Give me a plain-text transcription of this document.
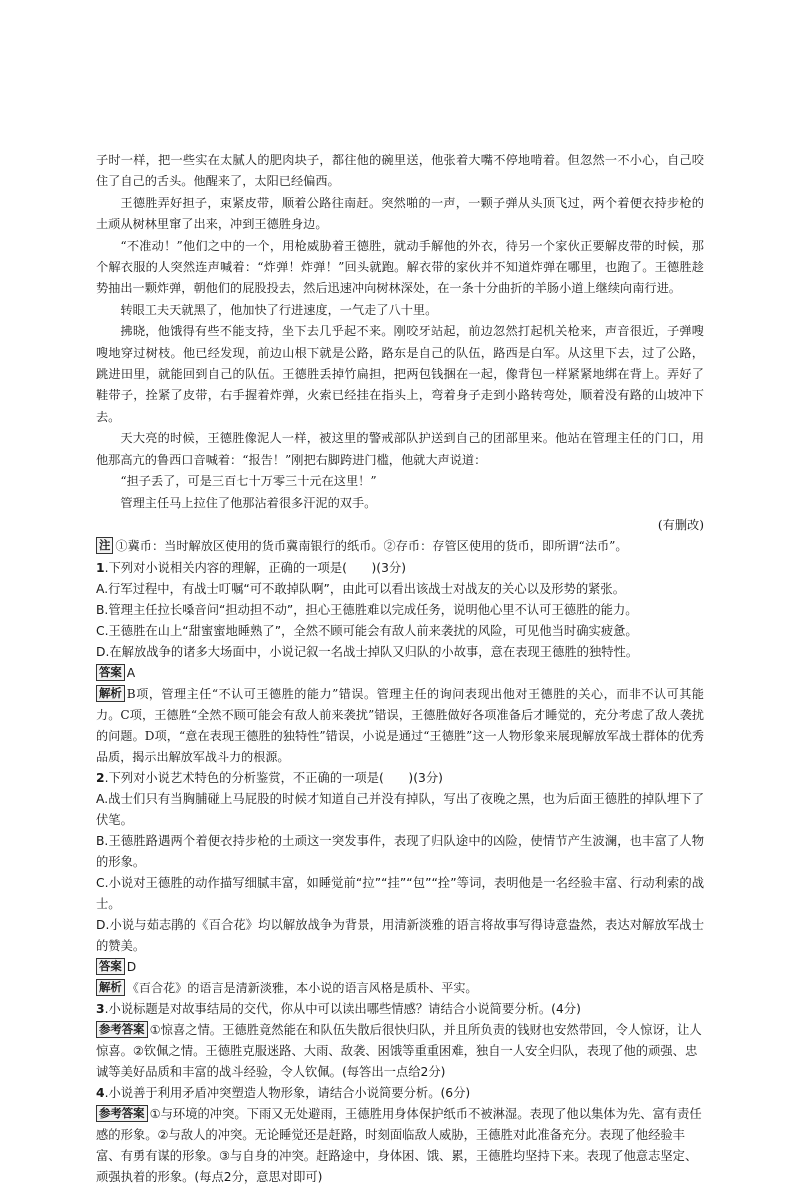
子时一样，把一些实在太腻人的肥肉块子，都往他的碗里送，他张着大嘴不停地啃着。但忽然一不小心，自己咬住了自己的舌头。他醒来了，太阳已经偏西。

王德胜弄好担子，束紧皮带，顺着公路往南赶。突然啪的一声，一颗子弹从头顶飞过，两个着便衣持步枪的土顽从树林里窜了出来，冲到王德胜身边。

“不准动！”他们之中的一个，用枪威胁着王德胜，就动手解他的外衣，待另一个家伙正要解皮带的时候，那个解衣服的人突然连声喊着：“炸弹！炸弹！”回头就跑。解衣带的家伙并不知道炸弹在哪里，也跑了。王德胜趁势抽出一颗炸弹，朝他们的屁股投去，然后迅速冲向树林深处，在一条十分曲折的羊肠小道上继续向南行进。

转眼工夫天就黑了，他加快了行进速度，一气走了八十里。

拂晓，他饿得有些不能支持，坐下去几乎起不来。刚咬牙站起，前边忽然打起机关枪来，声音很近，子弹嗖嗖地穿过树枝。他已经发现，前边山根下就是公路，路东是自己的队伍，路西是白军。从这里下去，过了公路，跳进田里，就能回到自己的队伍。王德胜丢掉竹扁担，把两包钱捆在一起，像背包一样紧紧地绑在背上。弄好了鞋带子，拴紧了皮带，右手握着炸弹，火索已经挂在指头上，弯着身子走到小路转弯处，顺着没有路的山坡冲下去。

天大亮的时候，王德胜像泥人一样，被这里的警戒部队护送到自己的团部里来。他站在管理主任的门口，用他那高亢的鲁西口音喊着：“报告！”刚把右脚跨进门槛，他就大声说道：

“担子丢了，可是三百七十万零三十元在这里！”

管理主任马上拉住了他那沾着很多汗泥的双手。

(有删改)
注 ①冀币：当时解放区使用的货币冀南银行的纸币。②存币：存管区使用的货币，即所谓“法币”。

1.下列对小说相关内容的理解，正确的一项是(　　)(3分)

A.行军过程中，有战士叮嘱“可不敢掉队啊”，由此可以看出该战士对战友的关心以及形势的紧张。

B.管理主任拉长嗓音问“担动担不动”，担心王德胜难以完成任务，说明他心里不认可王德胜的能力。

C.王德胜在山上“甜蜜蜜地睡熟了”，全然不顾可能会有敌人前来袭扰的风险，可见他当时确实疲惫。

D.在解放战争的诸多大场面中，小说记叙一名战士掉队又归队的小故事，意在表现王德胜的独特性。

答案 A

解析 B项，管理主任“不认可王德胜的能力”错误。管理主任的询问表现出他对王德胜的关心，而非不认可其能力。C项，王德胜“全然不顾可能会有敌人前来袭扰”错误，王德胜做好各项准备后才睡觉的，充分考虑了敌人袭扰的问题。D项，“意在表现王德胜的独特性”错误，小说是通过“王德胜”这一人物形象来展现解放军战士群体的优秀品质，揭示出解放军战斗力的根源。

2.下列对小说艺术特色的分析鉴赏，不正确的一项是(　　)(3分)

A.战士们只有当胸脯碰上马屁股的时候才知道自己并没有掉队，写出了夜晚之黑，也为后面王德胜的掉队埋下了伏笔。

B.王德胜路遇两个着便衣持步枪的土顽这一突发事件，表现了归队途中的凶险，使情节产生波澜，也丰富了人物的形象。

C.小说对王德胜的动作描写细腻丰富，如睡觉前“拉”“挂”“包”“拴”等词，表明他是一名经验丰富、行动利索的战士。

D.小说与茹志鹃的《百合花》均以解放战争为背景，用清新淡雅的语言将故事写得诗意盎然，表达对解放军战士的赞美。

答案 D

解析 《百合花》的语言是清新淡雅，本小说的语言风格是质朴、平实。

3.小说标题是对故事结局的交代，你从中可以读出哪些情感？请结合小说简要分析。(4分)

参考答案 ①惊喜之情。王德胜竟然能在和队伍失散后很快归队，并且所负责的钱财也安然带回，令人惊讶，让人惊喜。②钦佩之情。王德胜克服迷路、大雨、敌袭、困饿等重重困难，独自一人安全归队，表现了他的顽强、忠诚等美好品质和丰富的战斗经验，令人钦佩。(每答出一点给2分)

4.小说善于利用矛盾冲突塑造人物形象，请结合小说简要分析。(6分)

参考答案 ①与环境的冲突。下雨又无处避雨，王德胜用身体保护纸币不被淋湿。表现了他以集体为先、富有责任感的形象。②与敌人的冲突。无论睡觉还是赶路，时刻面临敌人威胁，王德胜对此准备充分。表现了他经验丰富、有勇有谋的形象。③与自身的冲突。赶路途中，身体困、饿、累，王德胜均坚持下来。表现了他意志坚定、顽强执着的形象。(每点2分，意思对即可)
